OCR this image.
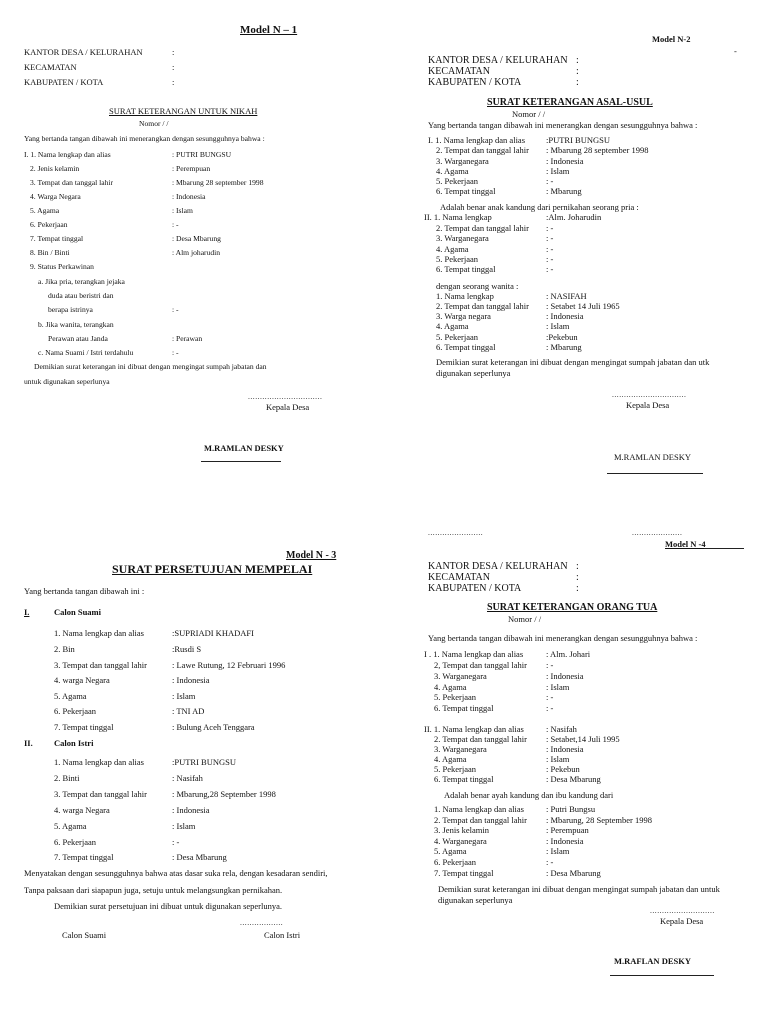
Model N – 1
KANTOR DESA / KELURAHAN	:
KECAMATAN	:
KABUPATEN / KOTA	:
SURAT KETERANGAN UNTUK NIKAH
Nomor / /
Yang bertanda tangan dibawah ini menerangkan dengan sesungguhnya bahwa :
I. 1. Nama lengkap dan alias	: PUTRI BUNGSU
2. Jenis kelamin	: Perempuan
3. Tempat dan tanggal lahir	: Mbarung 28 september 1998
4. Warga Negara	: Indonesia
5. Agama	: Islam
6. Pekerjaan	: -
7. Tempat tinggal	: Desa Mbarung
8. Bin / Binti	: Alm joharudin
9. Status Perkawinan
a. Jika pria, terangkan jejaka
duda atau beristri dan
berapa istrinya	: -
b. Jika wanita, terangkan
Perawan atau Janda	: Perawan
c. Nama Suami / Istri terdahulu	: -
Demikian surat keterangan ini dibuat dengan mengingat sumpah jabatan dan
untuk digunakan seperlunya
...............................
Kepala Desa
M.RAMLAN DESKY
Model N-2
-
KANTOR DESA / KELURAHAN :
KECAMATAN	:
KABUPATEN / KOTA	:
SURAT KETERANGAN ASAL-USUL
Nomor / /
Yang bertanda tangan dibawah ini menerangkan dengan sesungguhnya bahwa :
I. 1. Nama lengkap dan alias :PUTRI BUNGSU
2. Tempat dan tanggal lahir : Mbarung 28 september 1998
3. Warganegara	: Indonesia
4. Agama	: Islam
5. Pekerjaan	: -
6. Tempat tinggal	: Mbarung
Adalah benar anak kandung dari pernikahan seorang pria :
II. 1. Nama lengkap	:Alm. Joharudin
2. Tempat dan tanggal lahir : -
3. Warganegara	: -
4. Agama	: -
5. Pekerjaan	: -
6. Tempat tinggal	: -
dengan seorang wanita :
1. Nama lengkap	: NASIFAH
2. Tempat dan tanggal lahir : Setabet 14 Juli 1965
3. Warga negara	: Indonesia
4. Agama	: Islam
5. Pekerjaan	:Pekebun
6. Tempat tinggal	: Mbarung
Demikian surat keterangan ini dibuat dengan mengingat sumpah jabatan dan utk
digunakan seperlunya
...............................
Kepala Desa
M.RAMLAN DESKY
Model N - 3
SURAT PERSETUJUAN MEMPELAI
Yang bertanda tangan dibawah ini :
I.	Calon Suami
1. Nama lengkap dan alias	:SUPRIADI KHADAFI
2. Bin	:Rusdi S
3. Tempat dan tanggal lahir	: Lawe Rutung, 12 Februari 1996
4. warga Negara	: Indonesia
5. Agama	: Islam
6. Pekerjaan	: TNI AD
7. Tempat tinggal	: Bulung Aceh Tenggara
II.	Calon Istri
1. Nama lengkap dan alias	:PUTRI BUNGSU
2. Binti	: Nasifah
3. Tempat dan tanggal lahir	: Mbarung,28 September 1998
4. warga Negara	: Indonesia
5. Agama	: Islam
6. Pekerjaan	: -
7. Tempat tinggal	: Desa Mbarung
Menyatakan dengan sesungguhnya bahwa atas dasar suka rela, dengan kesadaran sendiri,
Tanpa paksaan dari siapapun juga, setuju untuk melangsungkan pernikahan.
Demikian surat persetujuan ini dibuat untuk digunakan seperlunya.
..................
Calon Suami	Calon Istri
.......................	.....................
Model N -4
KANTOR DESA / KELURAHAN :
KECAMATAN	:
KABUPATEN / KOTA	:
SURAT KETERANGAN ORANG TUA
Nomor / /
Yang bertanda tangan dibawah ini menerangkan dengan sesungguhnya bahwa :
I . 1. Nama lengkap dan alias	: Alm. Johari
2, Tempat dan tanggal lahir : -
3. Warganegara	: Indonesia
4. Agama	: Islam
5. Pekerjaan	: -
6. Tempat tinggal	: -
II. 1. Nama lengkap dan alias	: Nasifah
2. Tempat dan tanggal lahir : Setabet,14 Juli 1995
3. Warganegara	: Indonesia
4. Agama	: Islam
5. Pekerjaan	: Pekebun
6. Tempat tinggal	: Desa Mbarung
Adalah benar ayah kandung dan ibu kandung dari
1. Nama lengkap dan alias	: Putri Bungsu
2. Tempat dan tanggal lahir : Mbarung, 28 September 1998
3. Jenis kelamin	: Perempuan
4. Warganegara	: Indonesia
5. Agama	: Islam
6. Pekerjaan	: -
7. Tempat tinggal	: Desa Mbarung
Demikian surat keterangan ini dibuat dengan mengingat sumpah jabatan dan untuk
digunakan seperlunya
...........................
Kepala Desa
M.RAFLAN DESKY
